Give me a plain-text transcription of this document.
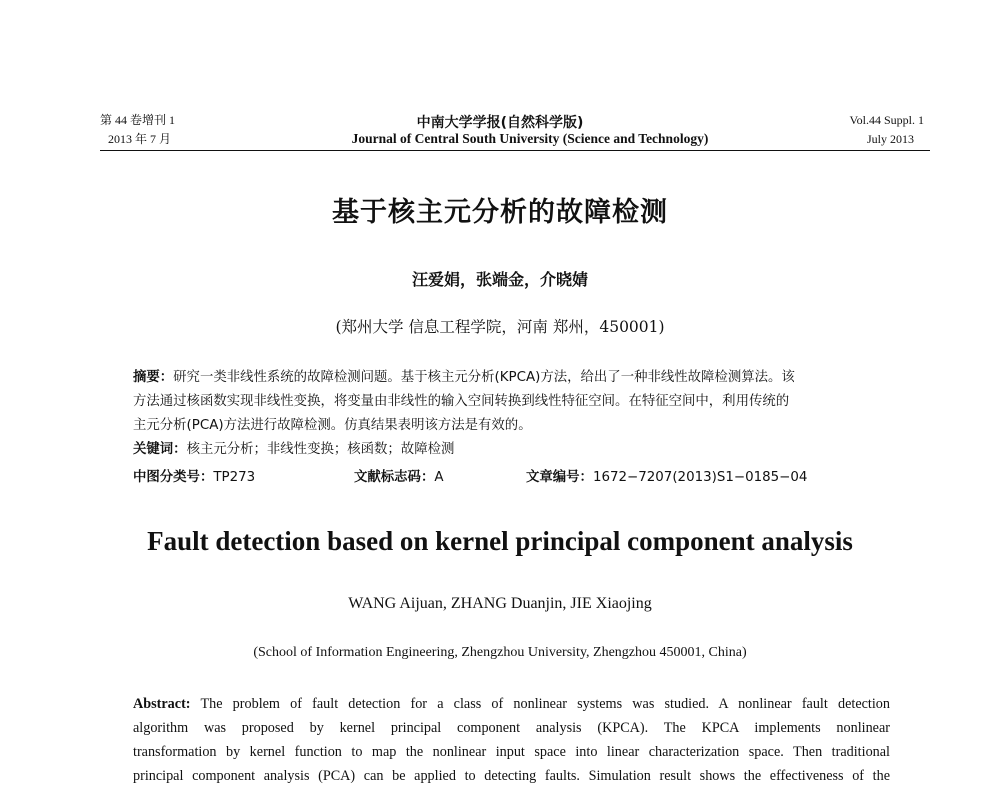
第 44 卷增刊 1
2013 年 7 月
中南大学学报(自然科学版)
Journal of Central South University (Science and Technology)
Vol.44 Suppl. 1
July 2013
基于核主元分析的故障检测
汪爱娟，张端金，介晓婧
(郑州大学 信息工程学院，河南 郑州，450001)
摘要：研究一类非线性系统的故障检测问题。基于核主元分析(KPCA)方法，给出了一种非线性故障检测算法。该
方法通过核函数实现非线性变换，将变量由非线性的输入空间转换到线性特征空间。在特征空间中，利用传统的
主元分析(PCA)方法进行故障检测。仿真结果表明该方法是有效的。
关键词：核主元分析；非线性变换；核函数；故障检测
中图分类号：TP273	文献标志码：A	文章编号：1672−7207(2013)S1−0185−04
Fault detection based on kernel principal component analysis
WANG Aijuan, ZHANG Duanjin, JIE Xiaojing
(School of Information Engineering, Zhengzhou University, Zhengzhou 450001, China)
Abstract: The problem of fault detection for a class of nonlinear systems was studied. A nonlinear fault detection
algorithm was proposed by kernel principal component analysis (KPCA). The KPCA implements nonlinear
transformation by kernel function to map the nonlinear input space into linear characterization space. Then traditional
principal component analysis (PCA) can be applied to detecting faults. Simulation result shows the effectiveness of the
